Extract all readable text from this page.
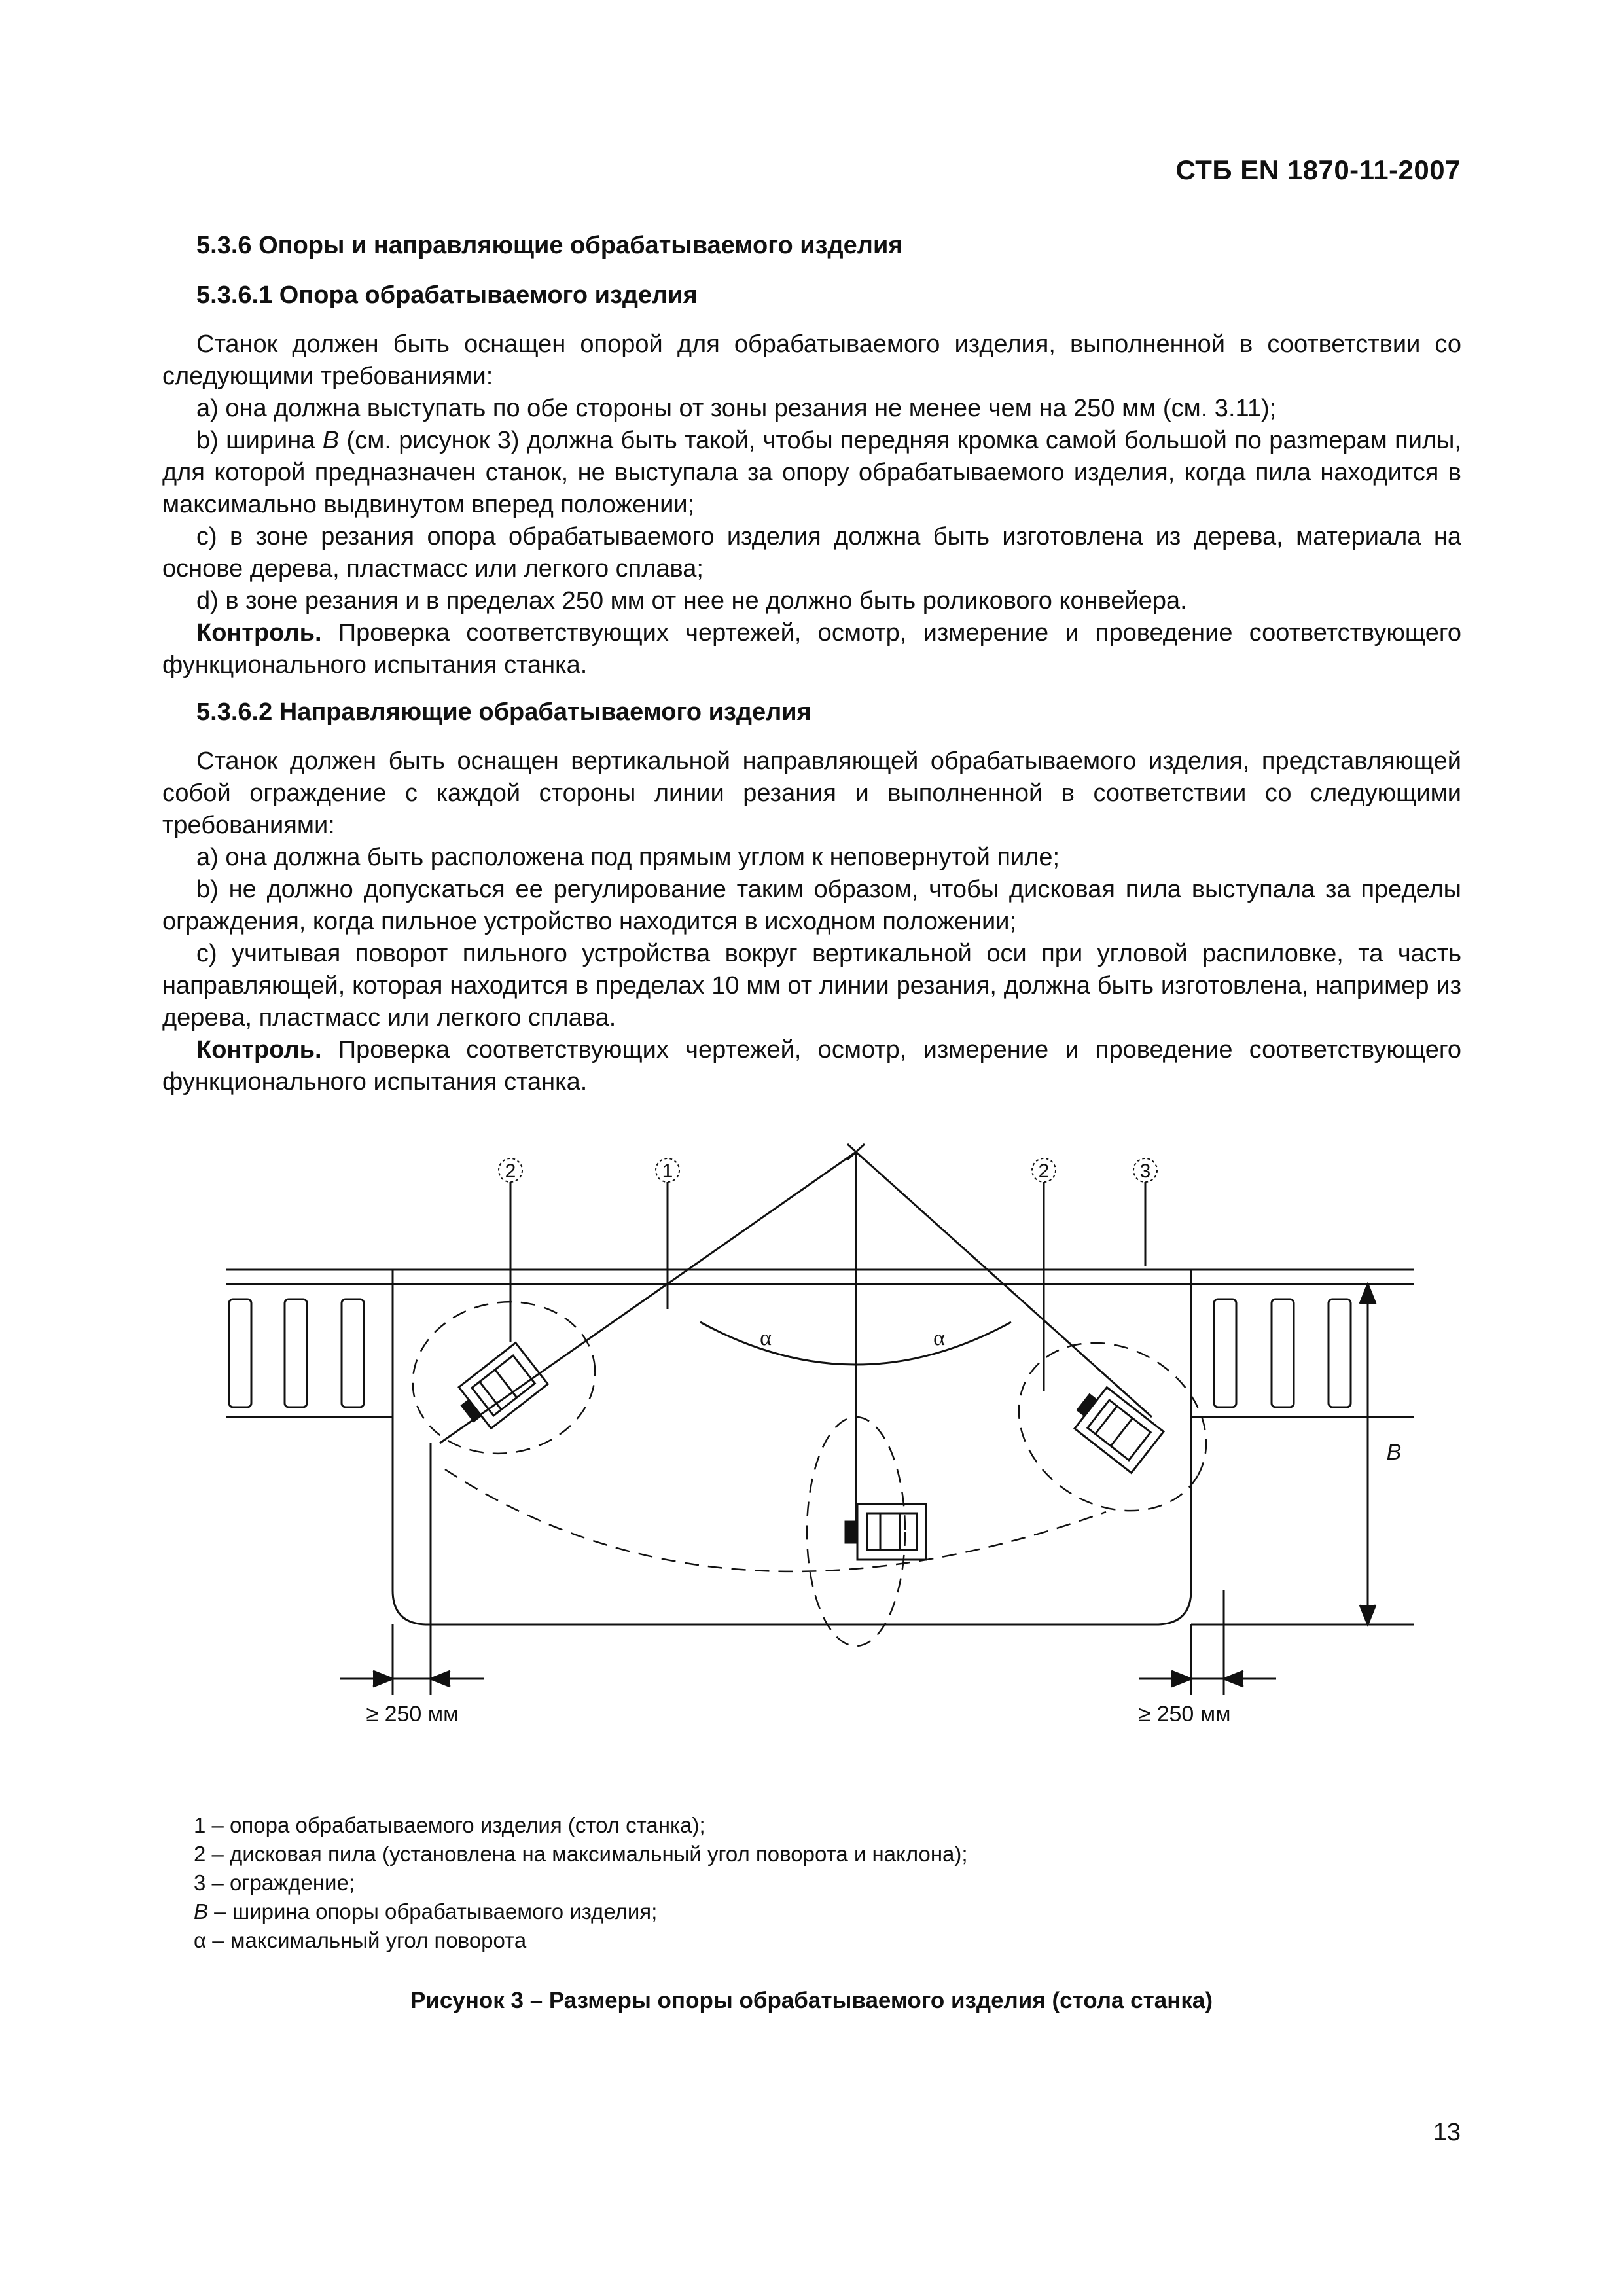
СТБ EN 1870-11-2007
5.3.6 Опоры и направляющие обрабатываемого изделия
5.3.6.1 Опора обрабатываемого изделия

Станок должен быть оснащен опорой для обрабатываемого изделия, выполненной в соответствии со следующими требованиями:

а) она должна выступать по обе стороны от зоны резания не менее чем на 250 мм (см. 3.11);

b) ширина B (см. рисунок 3) должна быть такой, чтобы передняя кромка самой большой по разmерам пилы, для которой предназначен станок, не выступала за опору обрабатываемого изделия, когда пила находится в максимально выдвинутом вперед положении;

с) в зоне резания опора обрабатываемого изделия должна быть изготовлена из дерева, материала на основе дерева, пластмасс или легкого сплава;

d) в зоне резания и в пределах 250 мм от нее не должно быть роликового конвейера.

Контроль. Проверка соответствующих чертежей, осмотр, измерение и проведение соответствующего функционального испытания станка.

5.3.6.2 Направляющие обрабатываемого изделия

Станок должен быть оснащен вертикальной направляющей обрабатываемого изделия, представляющей собой ограждение с каждой стороны линии резания и выполненной в соответствии со следующими требованиями:

а) она должна быть расположена под прямым углом к неповернутой пиле;

b) не должно допускаться ее регулирование таким образом, чтобы дисковая пила выступала за пределы ограждения, когда пильное устройство находится в исходном положении;

с) учитывая поворот пильного устройства вокруг вертикальной оси при угловой распиловке, та часть направляющей, которая находится в пределах 10 мм от линии резания, должна быть изготовлена, например из дерева, пластмасс или легкого сплава.

Контроль. Проверка соответствующих чертежей, осмотр, измерение и проведение соответствующего функционального испытания станка.

2	1	2	3
α	α
B
≥ 250 мм	≥ 250 мм
1 – опора обрабатываемого изделия (стол станка);
2 – дисковая пила (установлена на максимальный угол поворота и наклона);
3 – ограждение;
B – ширина опоры обрабатываемого изделия;
α – максимальный угол поворота
Рисунок 3 – Размеры опоры обрабатываемого изделия (стола станка)
13
